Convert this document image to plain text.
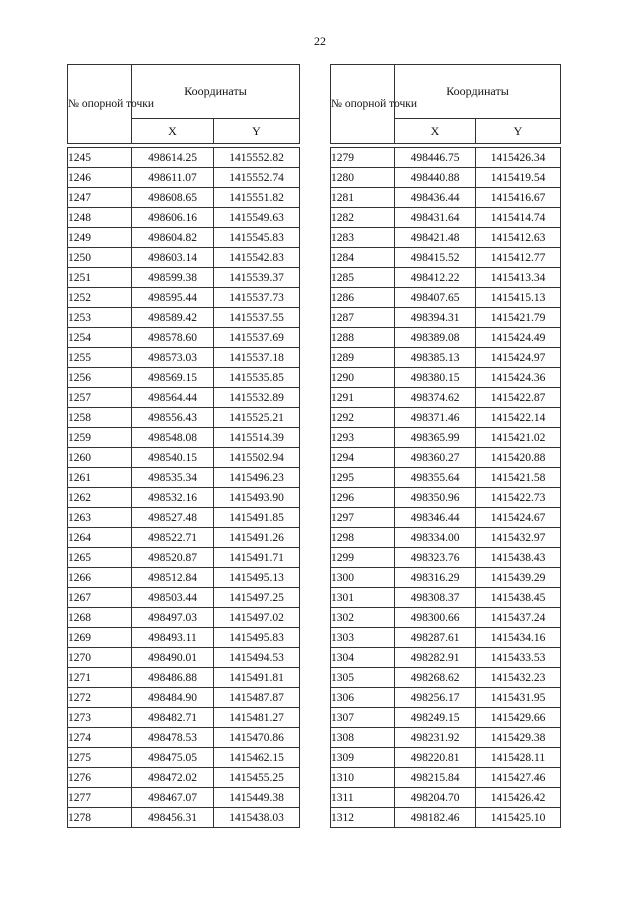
22
№ опорной точки	Координаты	
	X	Y

1245	498614.25	1415552.82
1246	498611.07	1415552.74
1247	498608.65	1415551.82
1248	498606.16	1415549.63
1249	498604.82	1415545.83
1250	498603.14	1415542.83
1251	498599.38	1415539.37
1252	498595.44	1415537.73
1253	498589.42	1415537.55
1254	498578.60	1415537.69
1255	498573.03	1415537.18
1256	498569.15	1415535.85
1257	498564.44	1415532.89
1258	498556.43	1415525.21
1259	498548.08	1415514.39
1260	498540.15	1415502.94
1261	498535.34	1415496.23
1262	498532.16	1415493.90
1263	498527.48	1415491.85
1264	498522.71	1415491.26
1265	498520.87	1415491.71
1266	498512.84	1415495.13
1267	498503.44	1415497.25
1268	498497.03	1415497.02
1269	498493.11	1415495.83
1270	498490.01	1415494.53
1271	498486.88	1415491.81
1272	498484.90	1415487.87
1273	498482.71	1415481.27
1274	498478.53	1415470.86
1275	498475.05	1415462.15
1276	498472.02	1415455.25
1277	498467.07	1415449.38
1278	498456.31	1415438.03
№ опорной точки	Координаты	
	X	Y

1279	498446.75	1415426.34
1280	498440.88	1415419.54
1281	498436.44	1415416.67
1282	498431.64	1415414.74
1283	498421.48	1415412.63
1284	498415.52	1415412.77
1285	498412.22	1415413.34
1286	498407.65	1415415.13
1287	498394.31	1415421.79
1288	498389.08	1415424.49
1289	498385.13	1415424.97
1290	498380.15	1415424.36
1291	498374.62	1415422.87
1292	498371.46	1415422.14
1293	498365.99	1415421.02
1294	498360.27	1415420.88
1295	498355.64	1415421.58
1296	498350.96	1415422.73
1297	498346.44	1415424.67
1298	498334.00	1415432.97
1299	498323.76	1415438.43
1300	498316.29	1415439.29
1301	498308.37	1415438.45
1302	498300.66	1415437.24
1303	498287.61	1415434.16
1304	498282.91	1415433.53
1305	498268.62	1415432.23
1306	498256.17	1415431.95
1307	498249.15	1415429.66
1308	498231.92	1415429.38
1309	498220.81	1415428.11
1310	498215.84	1415427.46
1311	498204.70	1415426.42
1312	498182.46	1415425.10
